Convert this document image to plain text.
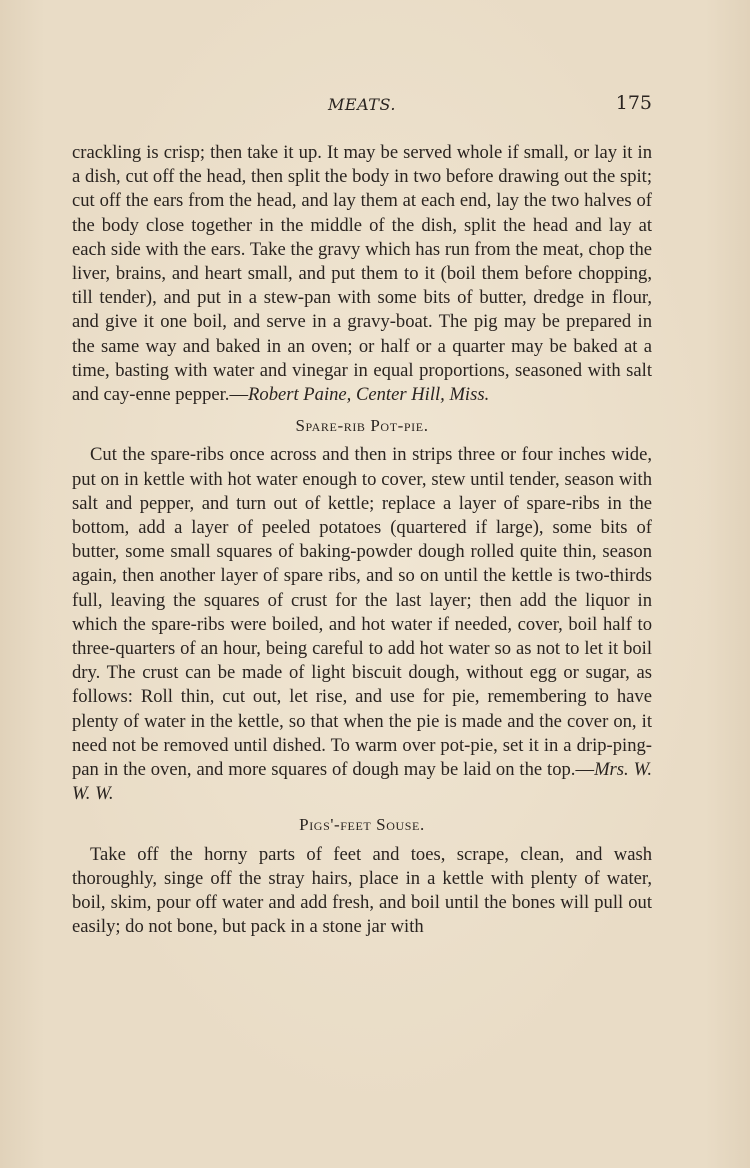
MEATS.	175

crackling is crisp; then take it up. It may be served whole if small, or lay it in a dish, cut off the head, then split the body in two before drawing out the spit; cut off the ears from the head, and lay them at each end, lay the two halves of the body close together in the middle of the dish, split the head and lay at each side with the ears. Take the gravy which has run from the meat, chop the liver, brains, and heart small, and put them to it (boil them before chopping, till tender), and put in a stew-pan with some bits of butter, dredge in flour, and give it one boil, and serve in a gravy-boat. The pig may be prepared in the same way and baked in an oven; or half or a quarter may be baked at a time, basting with water and vinegar in equal proportions, seasoned with salt and cay-enne pepper.—Robert Paine, Center Hill, Miss.

Spare-rib Pot-pie.

Cut the spare-ribs once across and then in strips three or four inches wide, put on in kettle with hot water enough to cover, stew until tender, season with salt and pepper, and turn out of kettle; replace a layer of spare-ribs in the bottom, add a layer of peeled potatoes (quartered if large), some bits of butter, some small squares of baking-powder dough rolled quite thin, season again, then another layer of spare ribs, and so on until the kettle is two-thirds full, leaving the squares of crust for the last layer; then add the liquor in which the spare-ribs were boiled, and hot water if needed, cover, boil half to three-quarters of an hour, being careful to add hot water so as not to let it boil dry. The crust can be made of light biscuit dough, without egg or sugar, as follows: Roll thin, cut out, let rise, and use for pie, remembering to have plenty of water in the kettle, so that when the pie is made and the cover on, it need not be removed until dished. To warm over pot-pie, set it in a drip-ping-pan in the oven, and more squares of dough may be laid on the top.—Mrs. W. W. W.

Pigs'-feet Souse.

Take off the horny parts of feet and toes, scrape, clean, and wash thoroughly, singe off the stray hairs, place in a kettle with plenty of water, boil, skim, pour off water and add fresh, and boil until the bones will pull out easily; do not bone, but pack in a stone jar with
